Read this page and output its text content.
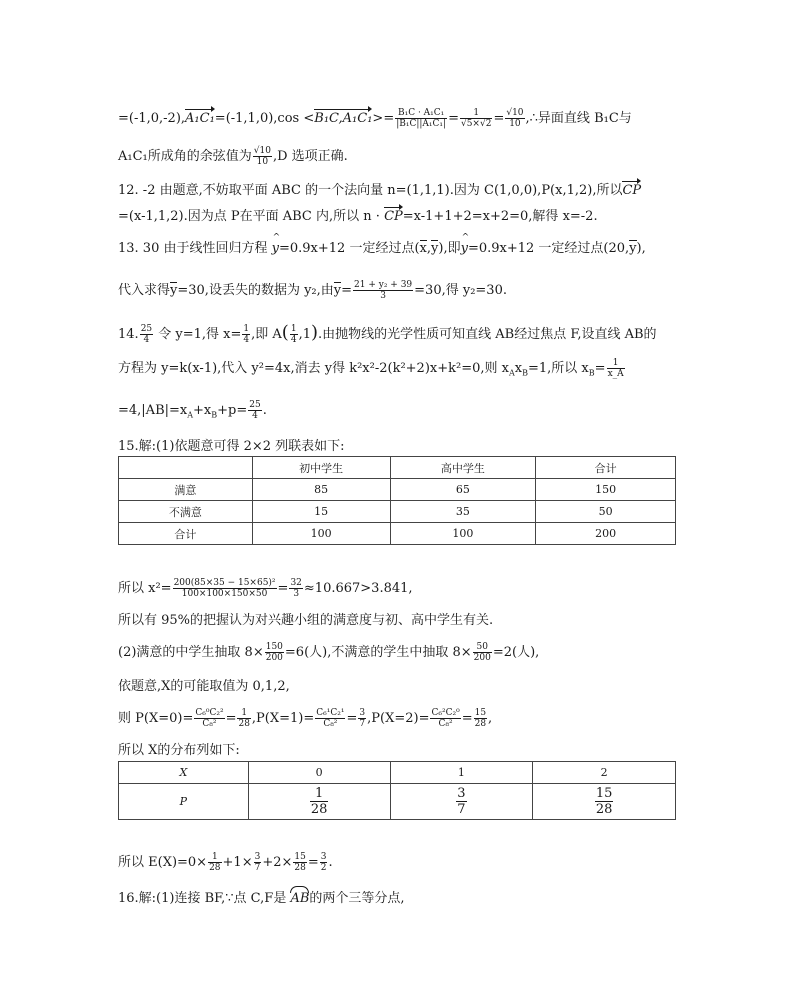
$=(-1,0,-2),A_1C_1=(-1,1,0),\cos <B_1C,A_1C_1>= \frac{\text{B₁C · A₁C₁}}{\text{|B₁C||A₁C₁|}} = \frac{1}{√5\times√2} = \frac{√10}{10}$ ,∴异面直线 B₁C与
A₁C₁所成角的余弦值为 $\frac{√10}{10} ,D$ 选项正确.
12. -2 由题意,不妨取平面 ABC 的一个法向量 n=(1,1,1).因为 C(1,0,0),P(x,1,2),所以CP
=(x-1,1,2).因为点 P在平面 ABC 内,所以 n · CP=x-1+1+2=x+2=0,解得 x=-2.
13. 30 由于线性回归方程 ^ y=0.9x+12 一定经过点(x,y),即^ y=0.9x+12 一定经过点(20,y),
代入求得y=30,设丢失的数据为 y₂,由$y= \frac{\text{21 + y₂ + 39}}{3} =30$,得 y₂=30.
14. $\frac{25}{4}$ 令 y=1,得 $x= \frac{1}{4}$ ,即 $A( \frac{1}{4} ,1)$.由抛物线的光学性质可知直线 AB经过焦点 F,设直线 AB的
方程为 y=k(x-1),代入 y²=4x,消去 y得 k²x²-2(k²+2)x+k²=0,则 $x_Ax_B=1$,所以 $x_B= \frac{1}{x\_A}$
$=4,|AB|=x_A+x_B+p= \frac{25}{4}$ .
15.解:(1)依题意可得 2×2 列联表如下:
	初中学生	高中学生	合计
满意	85	65	150
不满意	15	35	50
合计	100	100	200
所以 $x^2= \frac{\text{200(85×35 − 15×65)²}}{100\times 100\times 150\times 50} = \frac{32}{3} \approx 10.667>3.841$,
所以有 95%的把握认为对兴趣小组的满意度与初、高中学生有关.
(2)满意的中学生抽取 $8\times \frac{150}{200} =6$(人),不满意的学生中抽取 $8\times \frac{50}{200} =2$(人),
依题意,X的可能取值为 0,1,2,
则 $P(X=0)= \frac{\text{C₆⁰C₂²}}{\text{C₈²}} = \frac{1}{28} ,P(X=1)= \frac{\text{C₆¹C₂¹}}{\text{C₈²}} = \frac{3}{7} ,P(X=2)= \frac{\text{C₆²C₂⁰}}{\text{C₈²}} = \frac{15}{28}$ ,
所以 X的分布列如下:
X	0	1	2
P	$\frac{1}{28}$	$\frac{3}{7}$	$\frac{15}{28}$
所以 $E(X)=0\times \frac{1}{28} +1\times \frac{3}{7} +2\times \frac{15}{28} = \frac{3}{2}$ .
16.解:(1)连接 BF,∵点 C,F是 AB的两个三等分点,
